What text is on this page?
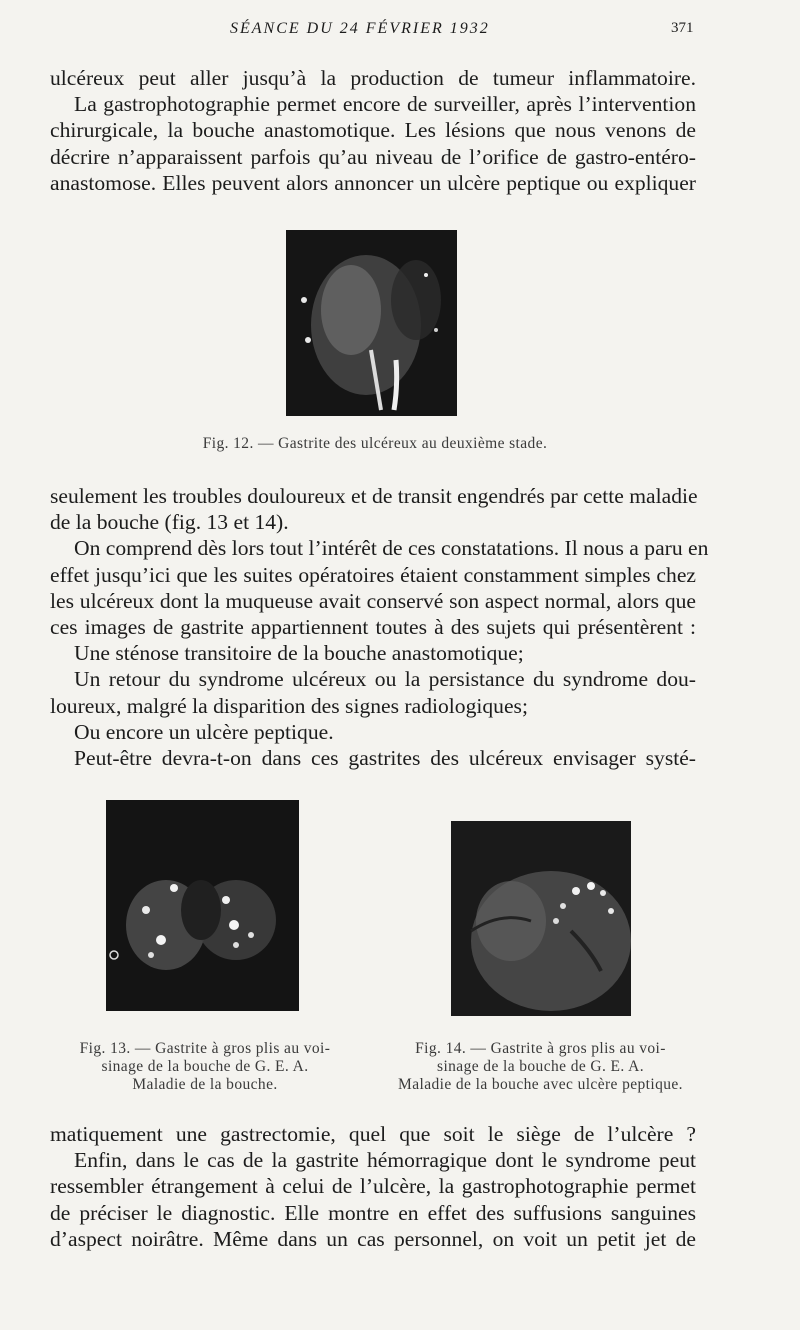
SÉANCE DU 24 FÉVRIER 1932	371
ulcéreux peut aller jusqu’à la production de tumeur inflammatoire.
La gastrophotographie permet encore de surveiller, après l’intervention
chirurgicale, la bouche anastomotique. Les lésions que nous venons de
décrire n’apparaissent parfois qu’au niveau de l’orifice de gastro-entéro-
anastomose. Elles peuvent alors annoncer un ulcère peptique ou expliquer
Fig. 12. — Gastrite des ulcéreux au deuxième stade.
seulement les troubles douloureux et de transit engendrés par cette maladie
de la bouche (fig. 13 et 14).
On comprend dès lors tout l’intérêt de ces constatations. Il nous a paru en
effet jusqu’ici que les suites opératoires étaient constamment simples chez
les ulcéreux dont la muqueuse avait conservé son aspect normal, alors que
ces images de gastrite appartiennent toutes à des sujets qui présentèrent :
Une sténose transitoire de la bouche anastomotique;
Un retour du syndrome ulcéreux ou la persistance du syndrome dou-
loureux, malgré la disparition des signes radiologiques;
Ou encore un ulcère peptique.
Peut-être devra-t-on dans ces gastrites des ulcéreux envisager systé-
Fig. 13. — Gastrite à gros plis au voi-
sinage de la bouche de G. E. A.
Maladie de la bouche.
Fig. 14. — Gastrite à gros plis au voi-
sinage de la bouche de G. E. A.
Maladie de la bouche avec ulcère peptique.
matiquement une gastrectomie, quel que soit le siège de l’ulcère ?
Enfin, dans le cas de la gastrite hémorragique dont le syndrome peut
ressembler étrangement à celui de l’ulcère, la gastrophotographie permet
de préciser le diagnostic. Elle montre en effet des suffusions sanguines
d’aspect noirâtre. Même dans un cas personnel, on voit un petit jet de
